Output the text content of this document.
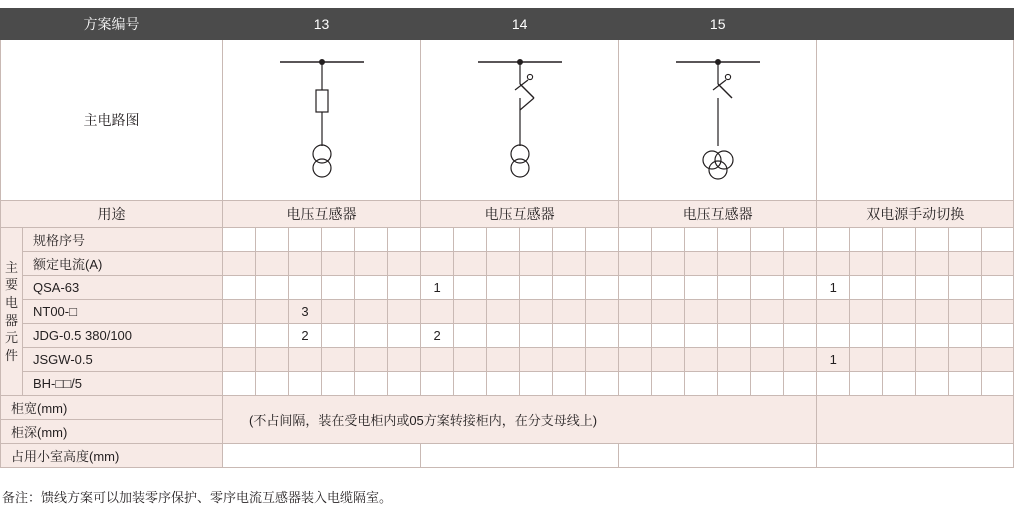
方案编号		13						14						15											
主电路图	

用途		电压互感器						电压互感器						电压互感器						双电源手动切换					

主
要
电
器
元
件
	规格序号																								
	额定电流(A)																								
	QSA-63							1												1					
	NT00-□			3																					
	JDG-0.5 380/100			2				2																	
	JSGW-0.5																			1					
	BH-□□/5																								
柜宽(mm)		(不占间隔，装在受电柜内或05方案转接柜内，在分支母线上)																							
柜深(mm)																									
占用小室高度(mm)																									
备注：馈线方案可以加装零序保护、零序电流互感器装入电缆隔室。
